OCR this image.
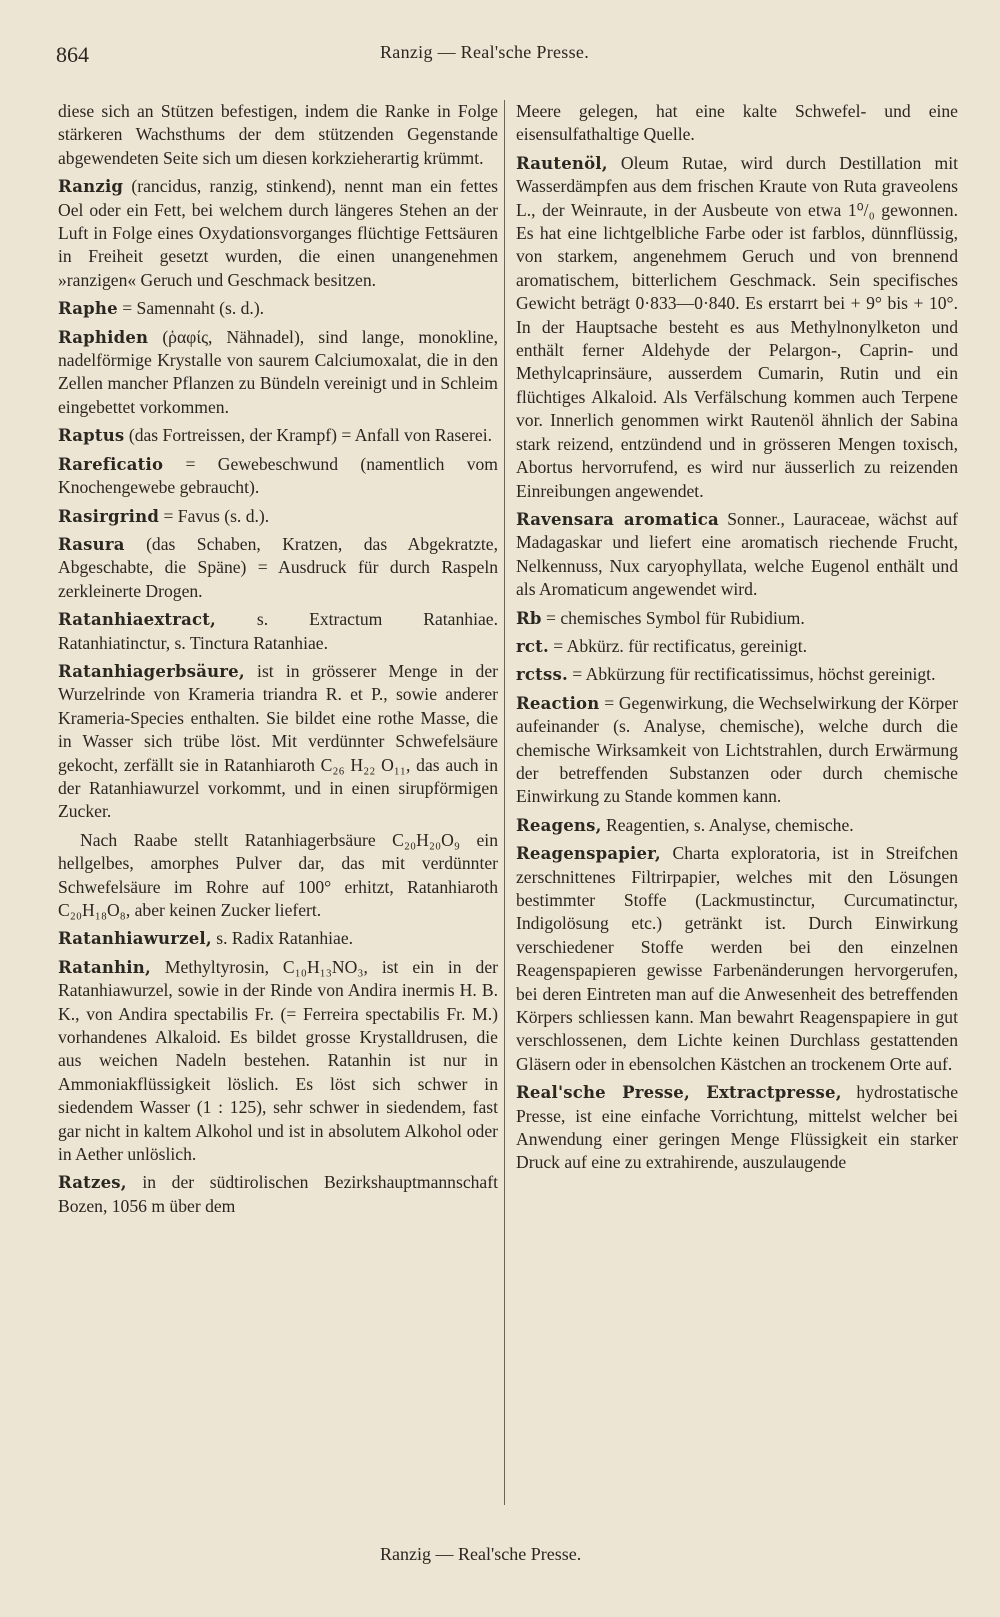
864	Ranzig — Real'sche Presse.

diese sich an Stützen befestigen, indem die Ranke in Folge stärkeren Wachsthums der dem stützenden Gegenstande abgewendeten Seite sich um diesen korkzieherartig krümmt.

Ranzig (rancidus, ranzig, stinkend), nennt man ein fettes Oel oder ein Fett, bei welchem durch längeres Stehen an der Luft in Folge eines Oxydationsvorganges flüchtige Fettsäuren in Freiheit gesetzt wurden, die einen unangenehmen »ranzigen« Geruch und Geschmack besitzen.

Raphe = Samennaht (s. d.).

Raphiden (ῥαφίς, Nähnadel), sind lange, monokline, nadelförmige Krystalle von saurem Calciumoxalat, die in den Zellen mancher Pflanzen zu Bündeln vereinigt und in Schleim eingebettet vorkommen.

Raptus (das Fortreissen, der Krampf) = Anfall von Raserei.

Rareficatio = Gewebeschwund (namentlich vom Knochengewebe gebraucht).

Rasirgrind = Favus (s. d.).

Rasura (das Schaben, Kratzen, das Abgekratzte, Abgeschabte, die Späne) = Ausdruck für durch Raspeln zerkleinerte Drogen.

Ratanhiaextract, s. Extractum Ratanhiae. Ratanhiatinctur, s. Tinctura Ratanhiae.

Ratanhiagerbsäure, ist in grösserer Menge in der Wurzelrinde von Krameria triandra R. et P., sowie anderer Krameria-Species enthalten. Sie bildet eine rothe Masse, die in Wasser sich trübe löst. Mit verdünnter Schwefelsäure gekocht, zerfällt sie in Ratanhiaroth C₂₆ H₂₂ O₁₁, das auch in der Ratanhiawurzel vorkommt, und in einen sirupförmigen Zucker.

Nach Raabe stellt Ratanhiagerbsäure C₂₀H₂₀O₉ ein hellgelbes, amorphes Pulver dar, das mit verdünnter Schwefelsäure im Rohre auf 100° erhitzt, Ratanhiaroth C₂₀H₁₈O₈, aber keinen Zucker liefert.

Ratanhiawurzel, s. Radix Ratanhiae.

Ratanhin, Methyltyrosin, C₁₀H₁₃NO₃, ist ein in der Ratanhiawurzel, sowie in der Rinde von Andira inermis H. B. K., von Andira spectabilis Fr. (= Ferreira spectabilis Fr. M.) vorhandenes Alkaloid. Es bildet grosse Krystalldrusen, die aus weichen Nadeln bestehen. Ratanhin ist nur in Ammoniakflüssigkeit löslich. Es löst sich schwer in siedendem Wasser (1 : 125), sehr schwer in siedendem, fast gar nicht in kaltem Alkohol und ist in absolutem Alkohol oder in Aether unlöslich.

Ratzes, in der südtirolischen Bezirkshauptmannschaft Bozen, 1056 m über dem

Meere gelegen, hat eine kalte Schwefel- und eine eisensulfathaltige Quelle.

Rautenöl, Oleum Rutae, wird durch Destillation mit Wasserdämpfen aus dem frischen Kraute von Ruta graveolens L., der Weinraute, in der Ausbeute von etwa 1⁰/₀ gewonnen. Es hat eine lichtgelbliche Farbe oder ist farblos, dünnflüssig, von starkem, angenehmem Geruch und von brennend aromatischem, bitterlichem Geschmack. Sein specifisches Gewicht beträgt 0·833—0·840. Es erstarrt bei + 9° bis + 10°. In der Hauptsache besteht es aus Methylnonylketon und enthält ferner Aldehyde der Pelargon-, Caprin- und Methylcaprinsäure, ausserdem Cumarin, Rutin und ein flüchtiges Alkaloid. Als Verfälschung kommen auch Terpene vor. Innerlich genommen wirkt Rautenöl ähnlich der Sabina stark reizend, entzündend und in grösseren Mengen toxisch, Abortus hervorrufend, es wird nur äusserlich zu reizenden Einreibungen angewendet.

Ravensara aromatica Sonner., Lauraceae, wächst auf Madagaskar und liefert eine aromatisch riechende Frucht, Nelkennuss, Nux caryophyllata, welche Eugenol enthält und als Aromaticum angewendet wird.

Rb = chemisches Symbol für Rubidium.

rct. = Abkürz. für rectificatus, gereinigt.

rctss. = Abkürzung für rectificatissimus, höchst gereinigt.

Reaction = Gegenwirkung, die Wechselwirkung der Körper aufeinander (s. Analyse, chemische), welche durch die chemische Wirksamkeit von Lichtstrahlen, durch Erwärmung der betreffenden Substanzen oder durch chemische Einwirkung zu Stande kommen kann.

Reagens, Reagentien, s. Analyse, chemische.

Reagenspapier, Charta exploratoria, ist in Streifchen zerschnittenes Filtrirpapier, welches mit den Lösungen bestimmter Stoffe (Lackmustinctur, Curcumatinctur, Indigolösung etc.) getränkt ist. Durch Einwirkung verschiedener Stoffe werden bei den einzelnen Reagenspapieren gewisse Farbenänderungen hervorgerufen, bei deren Eintreten man auf die Anwesenheit des betreffenden Körpers schliessen kann. Man bewahrt Reagenspapiere in gut verschlossenen, dem Lichte keinen Durchlass gestattenden Gläsern oder in ebensolchen Kästchen an trockenem Orte auf.

Real'sche Presse, Extractpresse, hydrostatische Presse, ist eine einfache Vorrichtung, mittelst welcher bei Anwendung einer geringen Menge Flüssigkeit ein starker Druck auf eine zu extrahirende, auszulaugende

Ranzig — Real'sche Presse.
